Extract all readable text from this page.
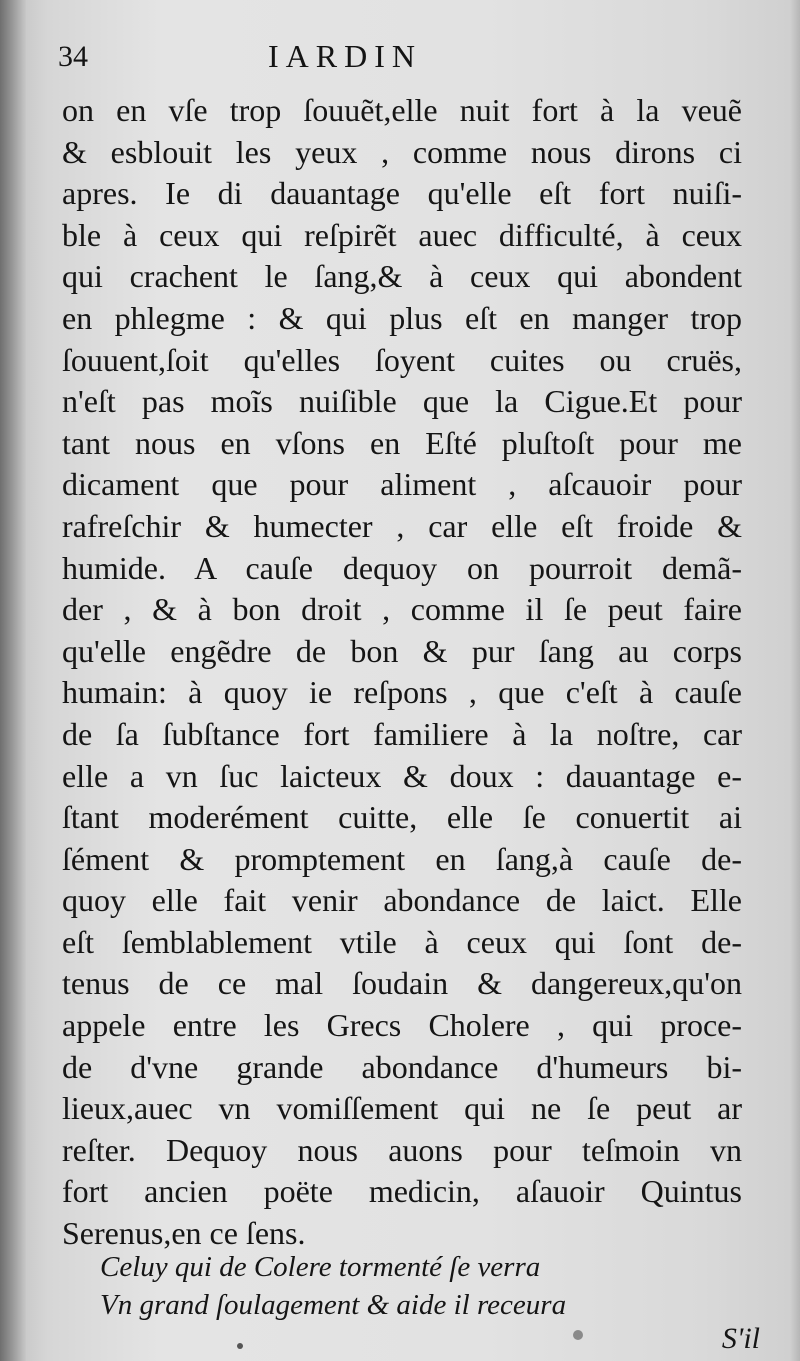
34	IARDIN
on en vſe trop ſouuẽt,elle nuit fort à la veuẽ
& esblouit les yeux , comme nous dirons ci
apres. Ie di dauantage qu'elle eſt fort nuiſi-
ble à ceux qui reſpirẽt auec difficulté, à ceux
qui crachent le ſang,& à ceux qui abondent
en phlegme : & qui plus eſt en manger trop
ſouuent,ſoit qu'elles ſoyent cuites ou cruës,
n'eſt pas moĩs nuiſible que la Cigue.Et pour
tant nous en vſons en Eſté pluſtoſt pour me
dicament que pour aliment , aſcauoir pour
rafreſchir & humecter , car elle eſt froide &
humide. A cauſe dequoy on pourroit demã-
der , & à bon droit , comme il ſe peut faire
qu'elle engẽdre de bon & pur ſang au corps
humain: à quoy ie reſpons , que c'eſt à cauſe
de ſa ſubſtance fort familiere à la noſtre, car
elle a vn ſuc laicteux & doux : dauantage e-
ſtant moderément cuitte, elle ſe conuertit ai
ſément & promptement en ſang,à cauſe de-
quoy elle fait venir abondance de laict. Elle
eſt ſemblablement vtile à ceux qui ſont de-
tenus de ce mal ſoudain & dangereux,qu'on
appele entre les Grecs Cholere , qui proce-
de d'vne grande abondance d'humeurs bi-
lieux,auec vn vomiſſement qui ne ſe peut ar
reſter. Dequoy nous auons pour teſmoin vn
fort ancien poëte medicin, aſauoir Quintus
Serenus,en ce ſens.
Celuy qui de Colere tormenté ſe verra
Vn grand ſoulagement & aide il receura
S'il
